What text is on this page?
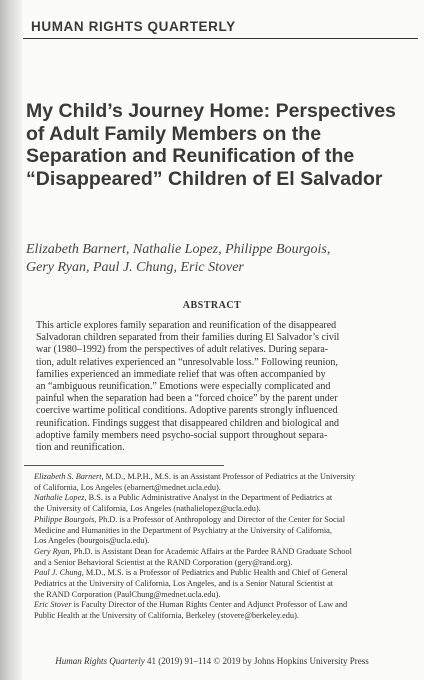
HUMAN RIGHTS QUARTERLY
My Child’s Journey Home: Perspectives
of Adult Family Members on the
Separation and Reunification of the
“Disappeared” Children of El Salvador
Elizabeth Barnert, Nathalie Lopez, Philippe Bourgois,
Gery Ryan, Paul J. Chung, Eric Stover
ABSTRACT
This article explores family separation and reunification of the disappeared
Salvadoran children separated from their families during El Salvador’s civil
war (1980–1992) from the perspectives of adult relatives. During separa-
tion, adult relatives experienced an “unresolvable loss.” Following reunion,
families experienced an immediate relief that was often accompanied by
an “ambiguous reunification.” Emotions were especially complicated and
painful when the separation had been a “forced choice” by the parent under
coercive wartime political conditions. Adoptive parents strongly influenced
reunification. Findings suggest that disappeared children and biological and
adoptive family members need psycho-social support throughout separa-
tion and reunification.

Elizabeth S. Barnert, M.D., M.P.H., M.S. is an Assistant Professor of Pediatrics at the University
of California, Los Angeles (ebarnert@mednet.ucla.edu).

Nathalie Lopez, B.S. is a Public Administrative Analyst in the Department of Pediatrics at
the University of California, Los Angeles (nathalielopez@ucla.edu).

Philippe Bourgois, Ph.D. is a Professor of Anthropology and Director of the Center for Social
Medicine and Humanities in the Department of Psychiatry at the University of California,
Los Angeles (bourgois@ucla.edu).

Gery Ryan, Ph.D. is Assistant Dean for Academic Affairs at the Pardee RAND Graduate School
and a Senior Behavioral Scientist at the RAND Corporation (gery@rand.org).

Paul J. Chung, M.D., M.S. is a Professor of Pediatrics and Public Health and Chief of General
Pediatrics at the University of California, Los Angeles, and is a Senior Natural Scientist at
the RAND Corporation (PaulChung@mednet.ucla.edu).

Eric Stover is Faculty Director of the Human Rights Center and Adjunct Professor of Law and
Public Health at the University of California, Berkeley (stovere@berkeley.edu).

Human Rights Quarterly 41 (2019) 91–114 © 2019 by Johns Hopkins University Press
